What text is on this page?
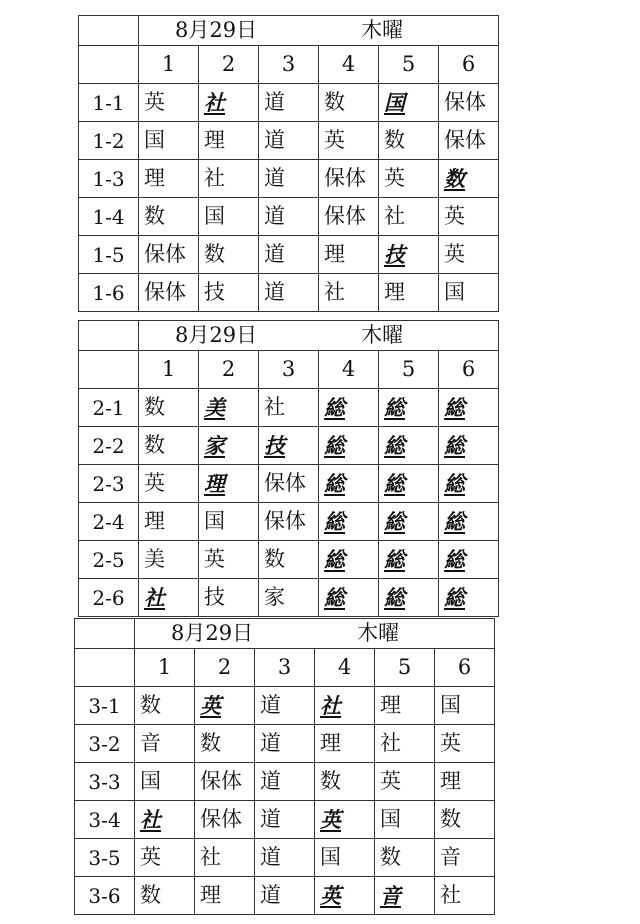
	8月29日 木曜					

	1	2	3	4	5	6
1-1	英	社	道	数	国	保体
1-2	国	理	道	英	数	保体
1-3	理	社	道	保体	英	数
1-4	数	国	道	保体	社	英
1-5	保体	数	道	理	技	英
1-6	保体	技	道	社	理	国

	8月29日 木曜					

	1	2	3	4	5	6
2-1	数	美	社	総	総	総
2-2	数	家	技	総	総	総
2-3	英	理	保体	総	総	総
2-4	理	国	保体	総	総	総
2-5	美	英	数	総	総	総
2-6	社	技	家	総	総	総

	8月29日 木曜					

	1	2	3	4	5	6
3-1	数	英	道	社	理	国
3-2	音	数	道	理	社	英
3-3	国	保体	道	数	英	理
3-4	社	保体	道	英	国	数
3-5	英	社	道	国	数	音
3-6	数	理	道	英	音	社
